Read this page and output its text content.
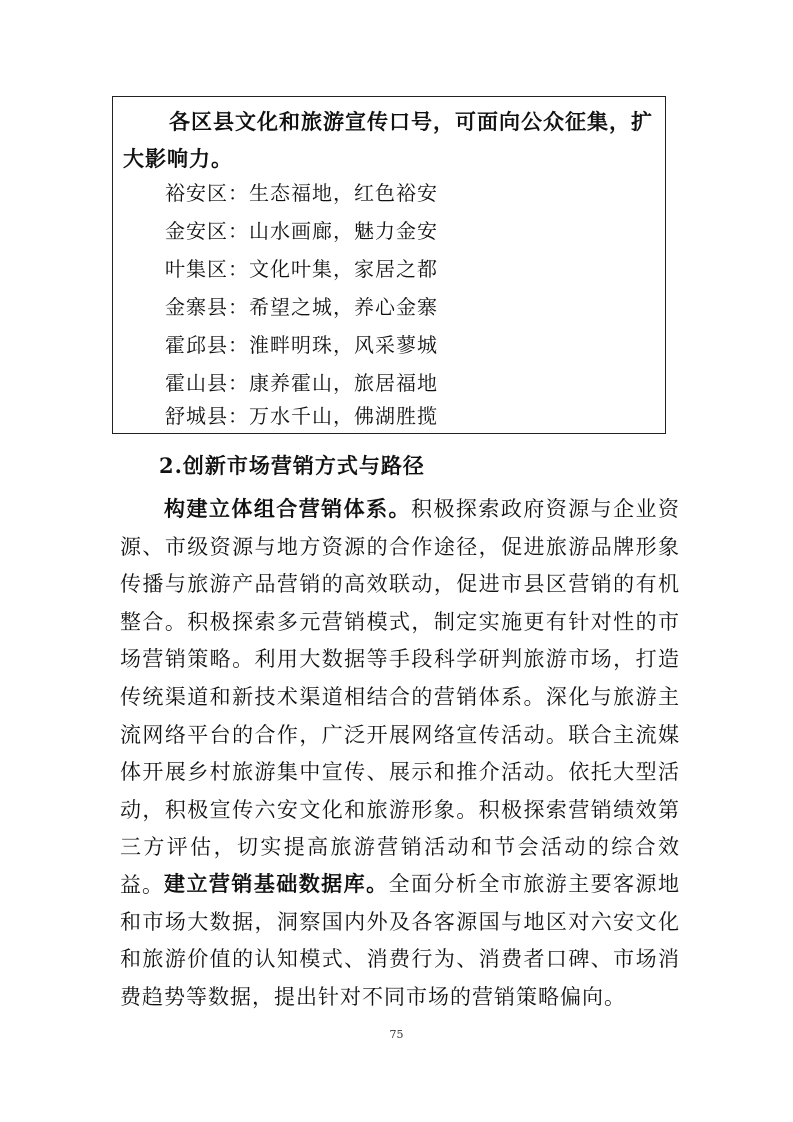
各区县文化和旅游宣传口号，可面向公众征集，扩大影响力。

裕安区：生态福地，红色裕安

金安区：山水画廊，魅力金安

叶集区：文化叶集，家居之都

金寨县：希望之城，养心金寨

霍邱县：淮畔明珠，风采蓼城

霍山县：康养霍山，旅居福地

舒城县：万水千山，佛湖胜揽

2.创新市场营销方式与路径

构建立体组合营销体系。积极探索政府资源与企业资源、市级资源与地方资源的合作途径，促进旅游品牌形象传播与旅游产品营销的高效联动，促进市县区营销的有机整合。积极探索多元营销模式，制定实施更有针对性的市场营销策略。利用大数据等手段科学研判旅游市场，打造传统渠道和新技术渠道相结合的营销体系。深化与旅游主流网络平台的合作，广泛开展网络宣传活动。联合主流媒体开展乡村旅游集中宣传、展示和推介活动。依托大型活动，积极宣传六安文化和旅游形象。积极探索营销绩效第三方评估，切实提高旅游营销活动和节会活动的综合效益。 建立营销基础数据库。全面分析全市旅游主要客源地和市场大数据，洞察国内外及各客源国与地区对六安文化和旅游价值的认知模式、消费行为、消费者口碑、市场消费趋势等数据，提出针对不同市场的营销策略偏向。

75
